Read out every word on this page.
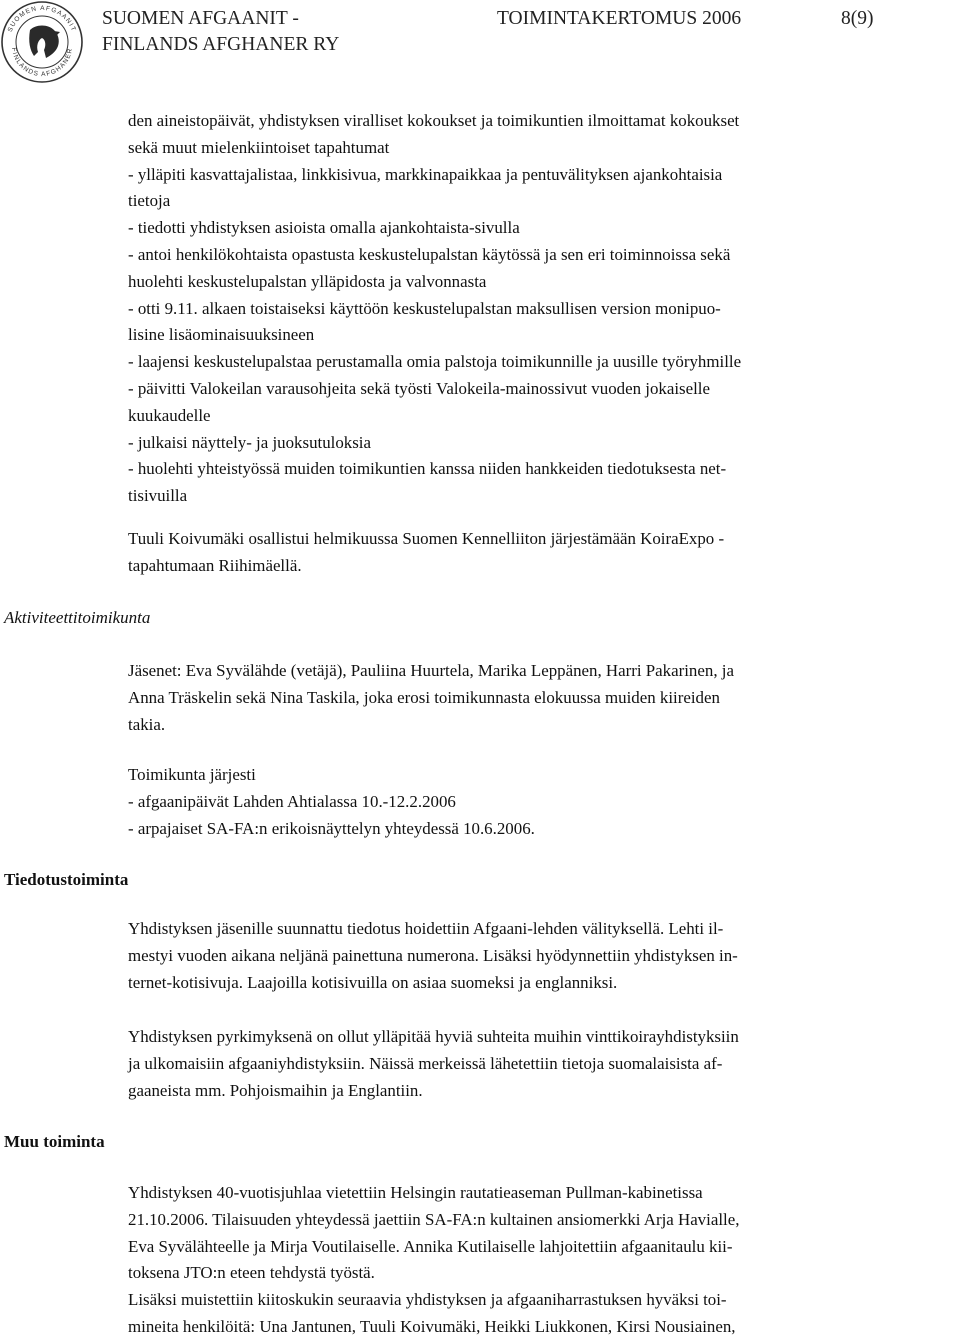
SUOMEN AFGAANIT
FINLANDS AFGHANER
SUOMEN AFGAANIT -
FINLANDS AFGHANER RY
TOIMINTAKERTOMUS 2006	8(9)
Aktiviteettitoimikunta
Tiedotustoiminta
Muu toiminta
den aineistopäivät, yhdistyksen viralliset kokoukset ja toimikuntien ilmoittamat kokoukset
sekä muut mielenkiintoiset tapahtumat
- ylläpiti kasvattajalistaa, linkkisivua, markkinapaikkaa ja pentuvälityksen ajankohtaisia
tietoja
- tiedotti yhdistyksen asioista omalla ajankohtaista-sivulla
- antoi henkilökohtaista opastusta keskustelupalstan käytössä ja sen eri toiminnoissa sekä
huolehti keskustelupalstan ylläpidosta ja valvonnasta
- otti 9.11. alkaen toistaiseksi käyttöön keskustelupalstan maksullisen version monipuo-
lisine lisäominaisuuksineen
- laajensi keskustelupalstaa perustamalla omia palstoja toimikunnille ja uusille työryhmille
- päivitti Valokeilan varausohjeita sekä työsti Valokeila-mainossivut vuoden jokaiselle
kuukaudelle
- julkaisi näyttely- ja juoksutuloksia
- huolehti yhteistyössä muiden toimikuntien kanssa niiden hankkeiden tiedotuksesta net-
tisivuilla
Tuuli Koivumäki osallistui helmikuussa Suomen Kennelliiton järjestämään KoiraExpo -
tapahtumaan Riihimäellä.
Jäsenet: Eva Syvälähde (vetäjä), Pauliina Huurtela, Marika Leppänen, Harri Pakarinen, ja
Anna Träskelin sekä Nina Taskila, joka erosi toimikunnasta elokuussa muiden kiireiden
takia.
Toimikunta järjesti
- afgaanipäivät Lahden Ahtialassa 10.-12.2.2006
- arpajaiset SA-FA:n erikoisnäyttelyn yhteydessä 10.6.2006.
Yhdistyksen jäsenille suunnattu tiedotus hoidettiin Afgaani-lehden välityksellä. Lehti il-
mestyi vuoden aikana neljänä painettuna numerona. Lisäksi hyödynnettiin yhdistyksen in-
ternet-kotisivuja. Laajoilla kotisivuilla on asiaa suomeksi ja englanniksi.
Yhdistyksen pyrkimyksenä on ollut ylläpitää hyviä suhteita muihin vinttikoirayhdistyksiin
ja ulkomaisiin afgaaniyhdistyksiin. Näissä merkeissä lähetettiin tietoja suomalaisista af-
gaaneista mm. Pohjoismaihin ja Englantiin.
Yhdistyksen 40-vuotisjuhlaa vietettiin Helsingin rautatieaseman Pullman-kabinetissa
21.10.2006. Tilaisuuden yhteydessä jaettiin SA-FA:n kultainen ansiomerkki Arja Havialle,
Eva Syvälähteelle ja Mirja Voutilaiselle. Annika Kutilaiselle lahjoitettiin afgaanitaulu kii-
toksena JTO:n eteen tehdystä työstä.
Lisäksi muistettiin kiitoskukin seuraavia yhdistyksen ja afgaaniharrastuksen hyväksi toi-
mineita henkilöitä: Una Jantunen, Tuuli Koivumäki, Heikki Liukkonen, Kirsi Nousiainen,
